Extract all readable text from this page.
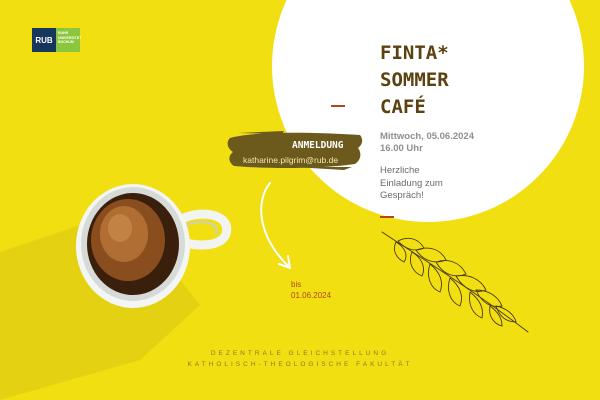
RUB
RUHR
UNIVERSITÄT
BOCHUM	FINTA*
SOMMER
CAFÉ
Mittwoch, 05.06.2024
16.00 Uhr
Herzliche
Einladung zum
Gespräch!
ANMELDUNG
katharine.pilgrim@rub.de
bis
01.06.2024
DEZENTRALE GLEICHSTELLUNG
KATHOLISCH-THEOLOGISCHE FAKULTÄT
